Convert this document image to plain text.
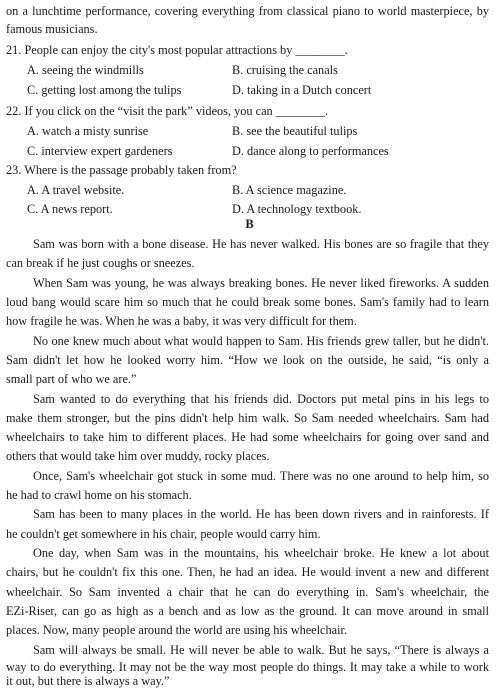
on a lunchtime performance, covering everything from classical piano to world masterpiece, by
famous musicians.
21. People can enjoy the city's most popular attractions by ________.
A. seeing the windmills	B. cruising the canals
C. getting lost among the tulips	D. taking in a Dutch concert
22. If you click on the “visit the park” videos, you can ________.
A. watch a misty sunrise	B. see the beautiful tulips
C. interview expert gardeners	D. dance along to performances
23. Where is the passage probably taken from?
A. A travel website.	B. A science magazine.
C. A news report.	D. A technology textbook.
B
Sam was born with a bone disease. He has never walked. His bones are so fragile that they
can break if he just coughs or sneezes.
When Sam was young, he was always breaking bones. He never liked fireworks. A sudden
loud bang would scare him so much that he could break some bones. Sam's family had to learn
how fragile he was. When he was a baby, it was very difficult for them.
No one knew much about what would happen to Sam. His friends grew taller, but he didn't.
Sam didn't let how he looked worry him. “How we look on the outside, he said, “is only a
small part of who we are.”
Sam wanted to do everything that his friends did. Doctors put metal pins in his legs to
make them stronger, but the pins didn't help him walk. So Sam needed wheelchairs. Sam had
wheelchairs to take him to different places. He had some wheelchairs for going over sand and
others that would take him over muddy, rocky places.
Once, Sam's wheelchair got stuck in some mud. There was no one around to help him, so
he had to crawl home on his stomach.
Sam has been to many places in the world. He has been down rivers and in rainforests. If
he couldn't get somewhere in his chair, people would carry him.
One day, when Sam was in the mountains, his wheelchair broke. He knew a lot about
chairs, but he couldn't fix this one. Then, he had an idea. He would invent a new and different
wheelchair. So Sam invented a chair that he can do everything in. Sam's wheelchair, the
EZi-Riser, can go as high as a bench and as low as the ground. It can move around in small
places. Now, many people around the world are using his wheelchair.
Sam will always be small. He will never be able to walk. But he says, “There is always a
way to do everything. It may not be the way most people do things. It may take a while to work
it out, but there is always a way.”
